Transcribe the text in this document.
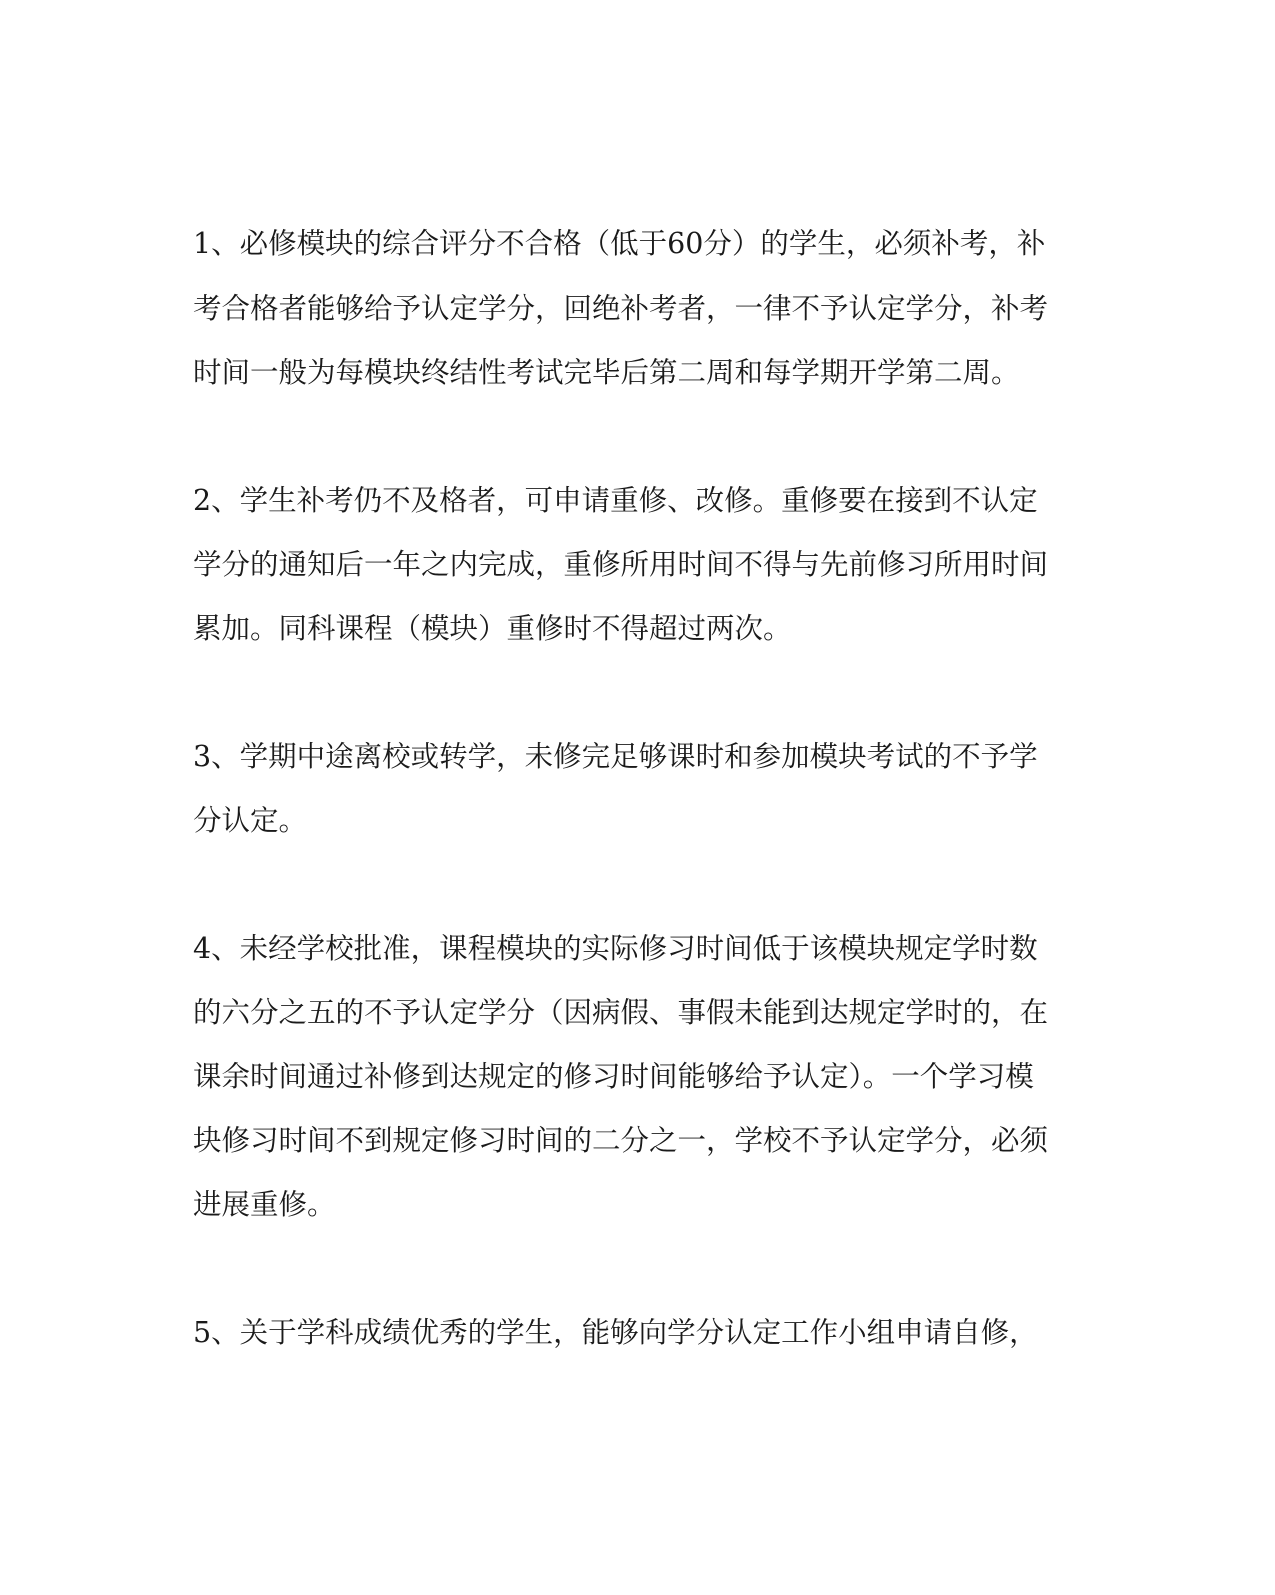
1、必修模块的综合评分不合格（低于60分）的学生，必须补考，补

考合格者能够给予认定学分，回绝补考者，一律不予认定学分，补考

时间一般为每模块终结性考试完毕后第二周和每学期开学第二周。

2、学生补考仍不及格者，可申请重修、改修。重修要在接到不认定

学分的通知后一年之内完成，重修所用时间不得与先前修习所用时间

累加。同科课程（模块）重修时不得超过两次。

3、学期中途离校或转学，未修完足够课时和参加模块考试的不予学

分认定。

4、未经学校批准，课程模块的实际修习时间低于该模块规定学时数

的六分之五的不予认定学分（因病假、事假未能到达规定学时的，在

课余时间通过补修到达规定的修习时间能够给予认定）。一个学习模

块修习时间不到规定修习时间的二分之一，学校不予认定学分，必须

进展重修。

5、关于学科成绩优秀的学生，能够向学分认定工作小组申请自修，
